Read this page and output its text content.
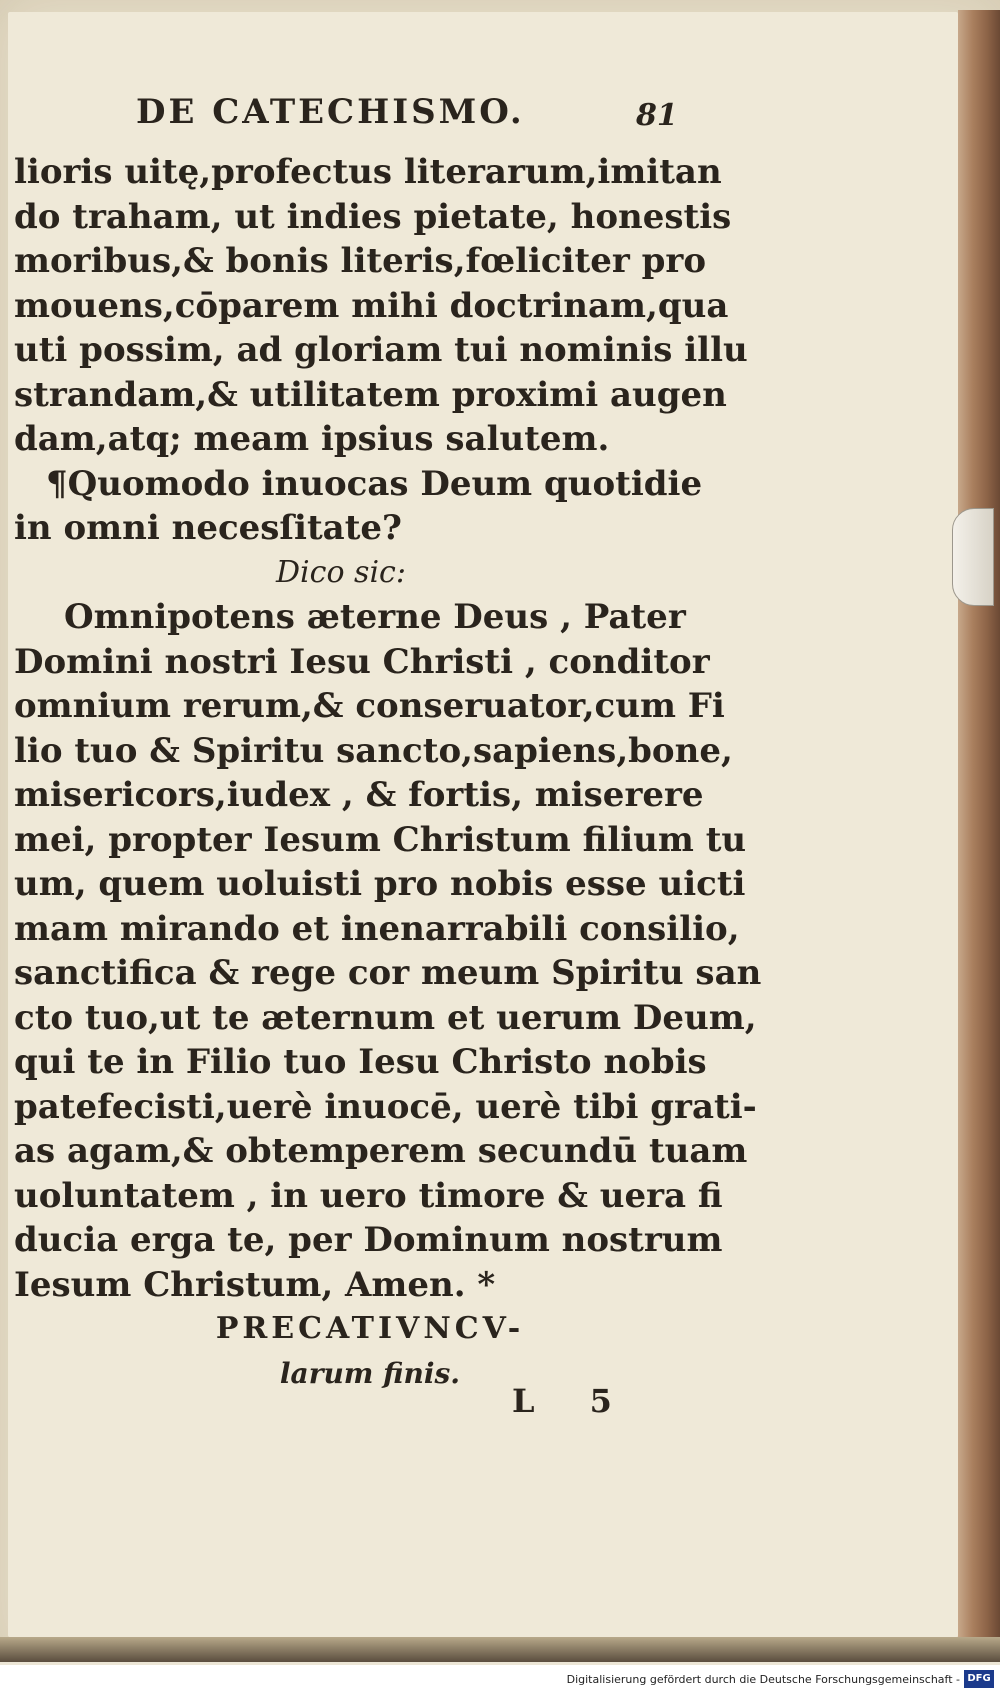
DE CATECHISMO.	81
lioris uitę,profectus literarum,imitan
do traham, ut indies pietate, honestis
moribus,& bonis literis,fœliciter pro
mouens,cōparem mihi doctrinam,qua
uti possim, ad gloriam tui nominis illu
strandam,& utilitatem proximi augen
dam,atq; meam ipsius salutem.
¶Quomodo inuocas Deum quotidie
in omni necesſitate?
Dico sic:
Omnipotens æterne Deus , Pater
Domini nostri Iesu Christi , conditor
omnium rerum,& conseruator,cum Fi
lio tuo & Spiritu sancto,sapiens,bone,
misericors,iudex , & fortis, miserere
mei, propter Iesum Christum filium tu
um, quem uoluisti pro nobis esse uicti
mam mirando et inenarrabili consilio,
sanctifica & rege cor meum Spiritu san
cto tuo,ut te æternum et uerum Deum,
qui te in Filio tuo Iesu Christo nobis
patefecisti,uerè inuocē, uerè tibi grati-
as agam,& obtemperem secundū tuam
uoluntatem , in uero timore & uera fi
ducia erga te, per Dominum nostrum
Iesum Christum, Amen. *
PRECATIVNCV-
larum finis.
L 5
Digitalisierung gefördert durch die Deutsche Forschungsgemeinschaft - DFG
